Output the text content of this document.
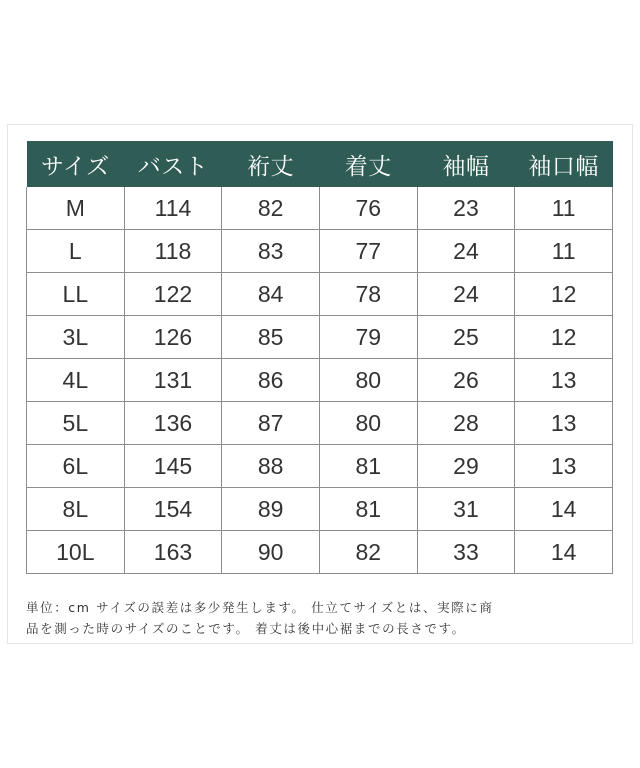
サイズ	バスト	裄丈	着丈	袖幅	袖口幅
M	114	82	76	23	11
L	118	83	77	24	11
LL	122	84	78	24	12
3L	126	85	79	25	12
4L	131	86	80	26	13
5L	136	87	80	28	13
6L	145	88	81	29	13
8L	154	89	81	31	14
10L	163	90	82	33	14

単位：cm サイズの誤差は多少発生します。 仕立てサイズとは、実際に商

品を測った時のサイズのことです。 着丈は後中心裾までの長さです。
